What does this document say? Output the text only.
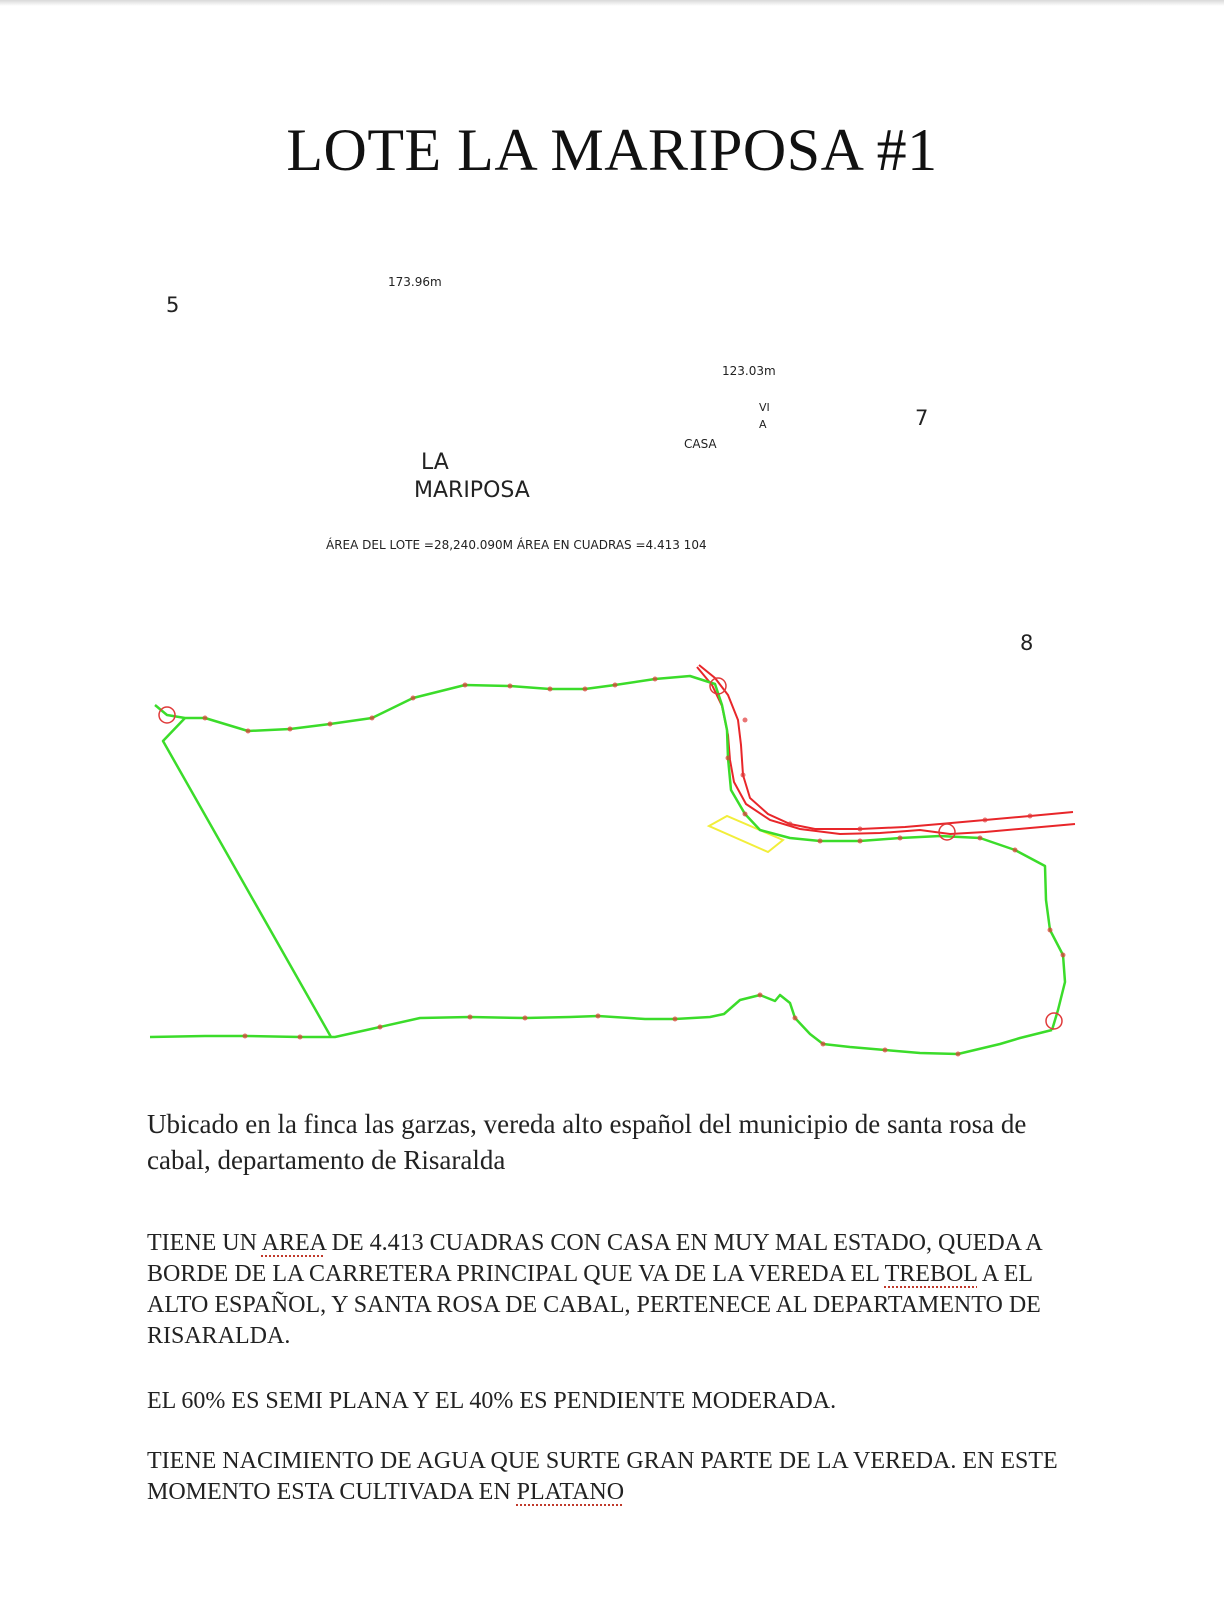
LOTE LA MARIPOSA #1
5
173.96m
123.03m
VI
A	7
CASA
LA
MARIPOSA
ÁREA DEL LOTE =28,240.090M ÁREA EN CUADRAS =4.413 104
8

Ubicado en la finca las garzas, vereda alto español del municipio de santa rosa de cabal, departamento de Risaralda

TIENE UN AREA DE 4.413 CUADRAS CON CASA EN MUY MAL ESTADO, QUEDA A BORDE DE LA CARRETERA PRINCIPAL QUE VA DE LA VEREDA EL TREBOL A EL ALTO ESPAÑOL, Y SANTA ROSA DE CABAL, PERTENECE AL DEPARTAMENTO DE RISARALDA.

EL 60% ES SEMI PLANA Y EL 40% ES PENDIENTE MODERADA.

TIENE NACIMIENTO DE AGUA QUE SURTE GRAN PARTE DE LA VEREDA. EN ESTE MOMENTO ESTA CULTIVADA EN PLATANO
